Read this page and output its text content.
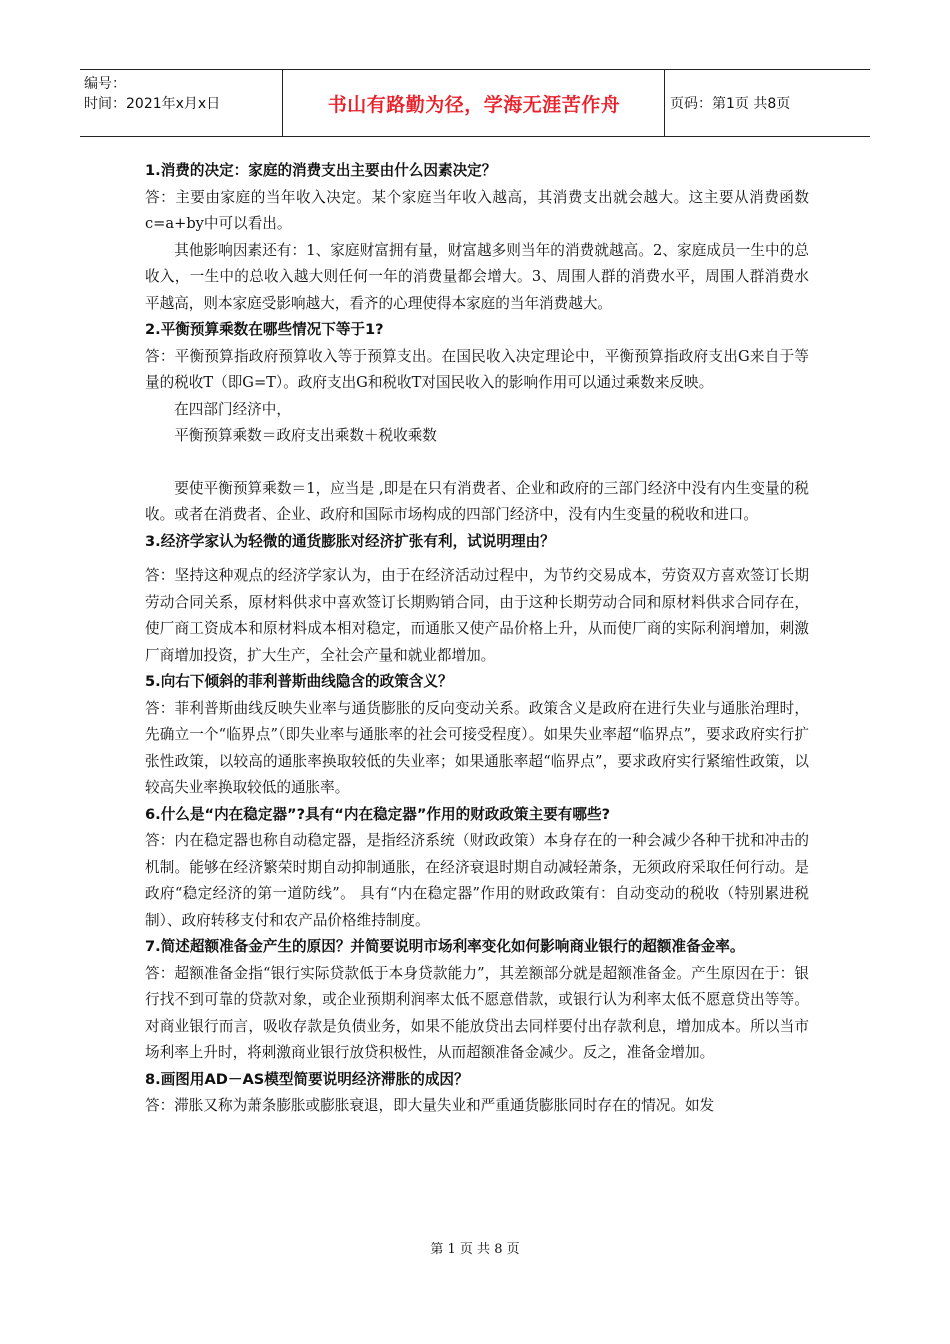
编号：
时间：2021年x月x日	书山有路勤为径，学海无涯苦作舟	页码：第1页 共8页

1.消费的决定：家庭的消费支出主要由什么因素决定？

答：主要由家庭的当年收入决定。某个家庭当年收入越高，其消费支出就会越大。这主要从消费函数c=a+by中可以看出。

其他影响因素还有：1、家庭财富拥有量，财富越多则当年的消费就越高。2、家庭成员一生中的总收入，一生中的总收入越大则任何一年的消费量都会增大。3、周围人群的消费水平，周围人群消费水平越高，则本家庭受影响越大，看齐的心理使得本家庭的当年消费越大。

2.平衡预算乘数在哪些情况下等于1?

答：平衡预算指政府预算收入等于预算支出。在国民收入决定理论中，平衡预算指政府支出G来自于等量的税收T（即G=T）。政府支出G和税收T对国民收入的影响作用可以通过乘数来反映。

在四部门经济中，

平衡预算乘数＝政府支出乘数＋税收乘数

要使平衡预算乘数＝1，应当是 ,即是在只有消费者、企业和政府的三部门经济中没有内生变量的税收。或者在消费者、企业、政府和国际市场构成的四部门经济中，没有内生变量的税收和进口。

3.经济学家认为轻微的通货膨胀对经济扩张有利，试说明理由？

答：坚持这种观点的经济学家认为，由于在经济活动过程中，为节约交易成本，劳资双方喜欢签订长期劳动合同关系，原材料供求中喜欢签订长期购销合同，由于这种长期劳动合同和原材料供求合同存在，使厂商工资成本和原材料成本相对稳定，而通胀又使产品价格上升，从而使厂商的实际利润增加，刺激厂商增加投资，扩大生产，全社会产量和就业都增加。

5.向右下倾斜的菲利普斯曲线隐含的政策含义？

答：菲利普斯曲线反映失业率与通货膨胀的反向变动关系。政策含义是政府在进行失业与通胀治理时，先确立一个“临界点”（即失业率与通胀率的社会可接受程度）。如果失业率超“临界点”，要求政府实行扩张性政策，以较高的通胀率换取较低的失业率；如果通胀率超“临界点”，要求政府实行紧缩性政策，以较高失业率换取较低的通胀率。

6.什么是“内在稳定器”?具有“内在稳定器”作用的财政政策主要有哪些?

答：内在稳定器也称自动稳定器，是指经济系统（财政政策）本身存在的一种会减少各种干扰和冲击的机制。能够在经济繁荣时期自动抑制通胀，在经济衰退时期自动减轻萧条，无须政府采取任何行动。是政府“稳定经济的第一道防线”。 具有“内在稳定器”作用的财政政策有：自动变动的税收（特别累进税制）、政府转移支付和农产品价格维持制度。

7.简述超额准备金产生的原因？并简要说明市场利率变化如何影响商业银行的超额准备金率。

答：超额准备金指“银行实际贷款低于本身贷款能力”，其差额部分就是超额准备金。产生原因在于：银行找不到可靠的贷款对象，或企业预期利润率太低不愿意借款，或银行认为利率太低不愿意贷出等等。对商业银行而言，吸收存款是负债业务，如果不能放贷出去同样要付出存款利息，增加成本。所以当市场利率上升时，将刺激商业银行放贷积极性，从而超额准备金减少。反之，准备金增加。

8.画图用AD－AS模型简要说明经济滞胀的成因？

答：滞胀又称为萧条膨胀或膨胀衰退，即大量失业和严重通货膨胀同时存在的情况。如发

第 1 页 共 8 页
